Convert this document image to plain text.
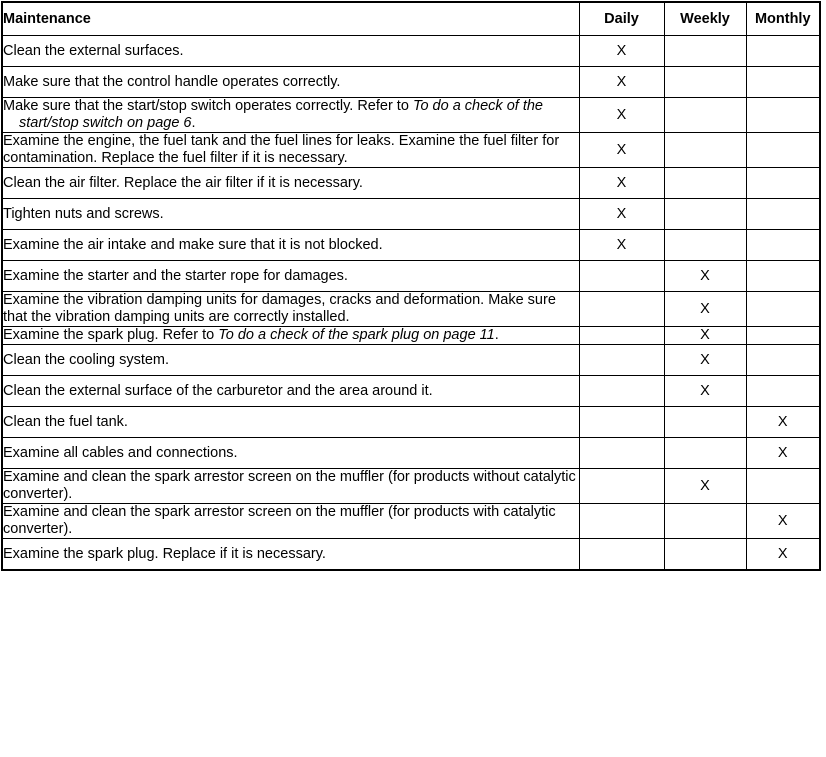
Maintenance	Daily	Weekly	Monthly

Clean the external surfaces.	X		

Make sure that the control handle operates correctly.	X		

Make sure that the start/stop switch operates correctly. Refer to To do a check of the start/stop switch on page 6.	X		

Examine the engine, the fuel tank and the fuel lines for leaks. Examine the fuel filter for contamination. Replace the fuel filter if it is necessary.	X		

Clean the air filter. Replace the air filter if it is necessary.	X		

Tighten nuts and screws.	X		

Examine the air intake and make sure that it is not blocked.	X		

Examine the starter and the starter rope for damages.		X	

Examine the vibration damping units for damages, cracks and deformation. Make sure that the vibration damping units are correctly installed.		X	

Examine the spark plug. Refer to To do a check of the spark plug on page 11.		X	

Clean the cooling system.		X	

Clean the external surface of the carburetor and the area around it.		X	

Clean the fuel tank.			X

Examine all cables and connections.			X

Examine and clean the spark arrestor screen on the muffler (for products without catalytic converter).		X	

Examine and clean the spark arrestor screen on the muffler (for products with catalytic converter).			X

Examine the spark plug. Replace if it is necessary.			X
